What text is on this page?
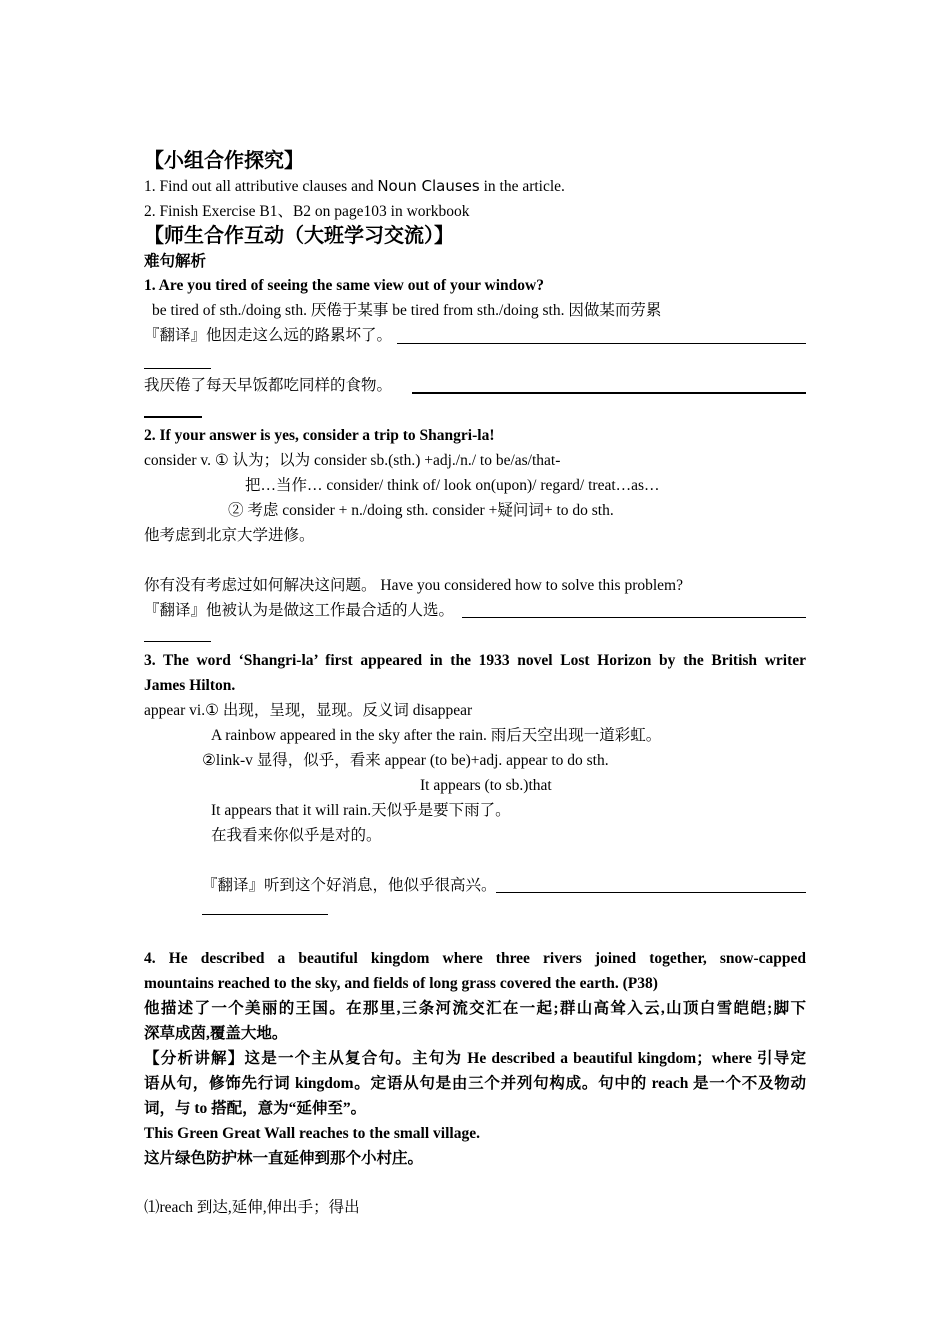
【小组合作探究】
1. Find out all attributive clauses and Noun Clauses in the article.
2. Finish Exercise B1、B2 on page103 in workbook
【师生合作互动（大班学习交流）】
难句解析
1. Are you tired of seeing the same view out of your window?
be tired of sth./doing sth. 厌倦于某事 be tired from sth./doing sth. 因做某而劳累
『翻译』他因走这么远的路累坏了。
我厌倦了每天早饭都吃同样的食物。
2. If your answer is yes, consider a trip to Shangri-la!
consider v. ① 认为；以为 consider sb.(sth.) +adj./n./ to be/as/that-
把…当作… consider/ think of/ look on(upon)/ regard/ treat…as…
② 考虑 consider + n./doing sth. consider +疑问词+ to do sth.
他考虑到北京大学进修。
你有没有考虑过如何解决这问题。 Have you considered how to solve this problem?
『翻译』他被认为是做这工作最合适的人选。
3. The word ‘Shangri-la’ first appeared in the 1933 novel Lost Horizon by the British writer
James Hilton.
appear vi.① 出现，呈现，显现。反义词 disappear
A rainbow appeared in the sky after the rain. 雨后天空出现一道彩虹。
②link-v 显得，似乎，看来 appear (to be)+adj. appear to do sth.
It appears (to sb.)that
It appears that it will rain.天似乎是要下雨了。
在我看来你似乎是对的。
『翻译』听到这个好消息，他似乎很高兴。
4. He described a beautiful kingdom where three rivers joined together, snow-capped
mountains reached to the sky, and fields of long grass covered the earth. (P38)
他描述了一个美丽的王国。在那里,三条河流交汇在一起;群山高耸入云,山顶白雪皑皑;脚下
深草成茵,覆盖大地。
【分析讲解】这是一个主从复合句。主句为 He described a beautiful kingdom；where 引导定
语从句，修饰先行词 kingdom。定语从句是由三个并列句构成。句中的 reach 是一个不及物动
词，与 to 搭配，意为“延伸至”。
This Green Great Wall reaches to the small village.
这片绿色防护林一直延伸到那个小村庄。
⑴reach 到达,延伸,伸出手；得出
